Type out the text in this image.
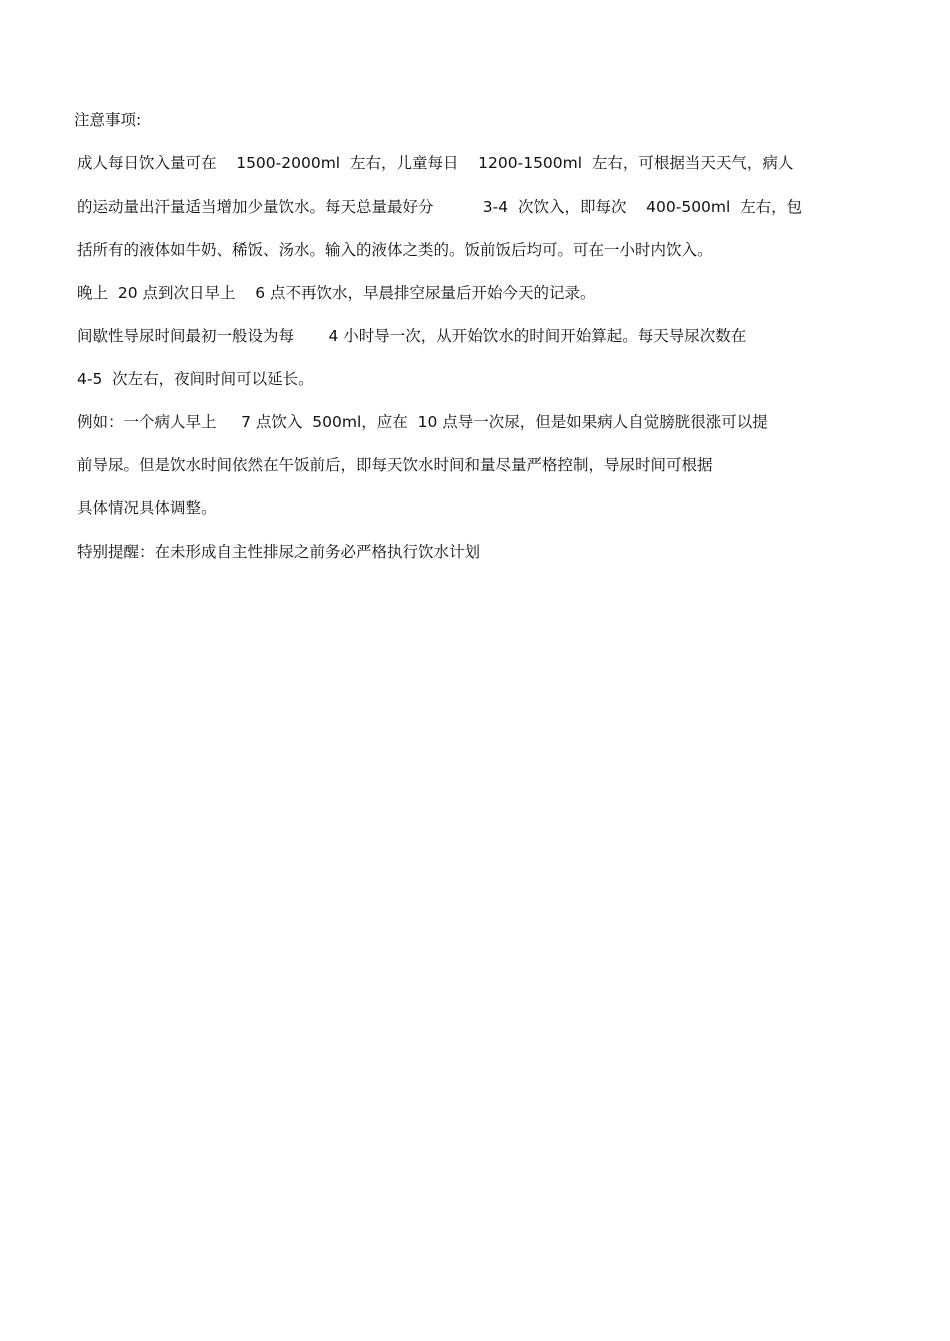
注意事项:
成人每日饮入量可在    1500-2000ml  左右，儿童每日    1200-1500ml  左右，可根据当天天气，病人
的运动量出汗量适当增加少量饮水。每天总量最好分          3-4  次饮入，即每次    400-500ml  左右，包
括所有的液体如牛奶、稀饭、汤水。输入的液体之类的。饭前饭后均可。可在一小时内饮入。
晚上  20 点到次日早上    6 点不再饮水，早晨排空尿量后开始今天的记录。
间歇性导尿时间最初一般设为每       4 小时导一次，从开始饮水的时间开始算起。每天导尿次数在
4-5  次左右，夜间时间可以延长。
例如：一个病人早上     7 点饮入  500ml，应在  10 点导一次尿，但是如果病人自觉膀胱很涨可以提
前导尿。但是饮水时间依然在午饭前后，即每天饮水时间和量尽量严格控制，导尿时间可根据
具体情况具体调整。
特别提醒：在未形成自主性排尿之前务必严格执行饮水计划
